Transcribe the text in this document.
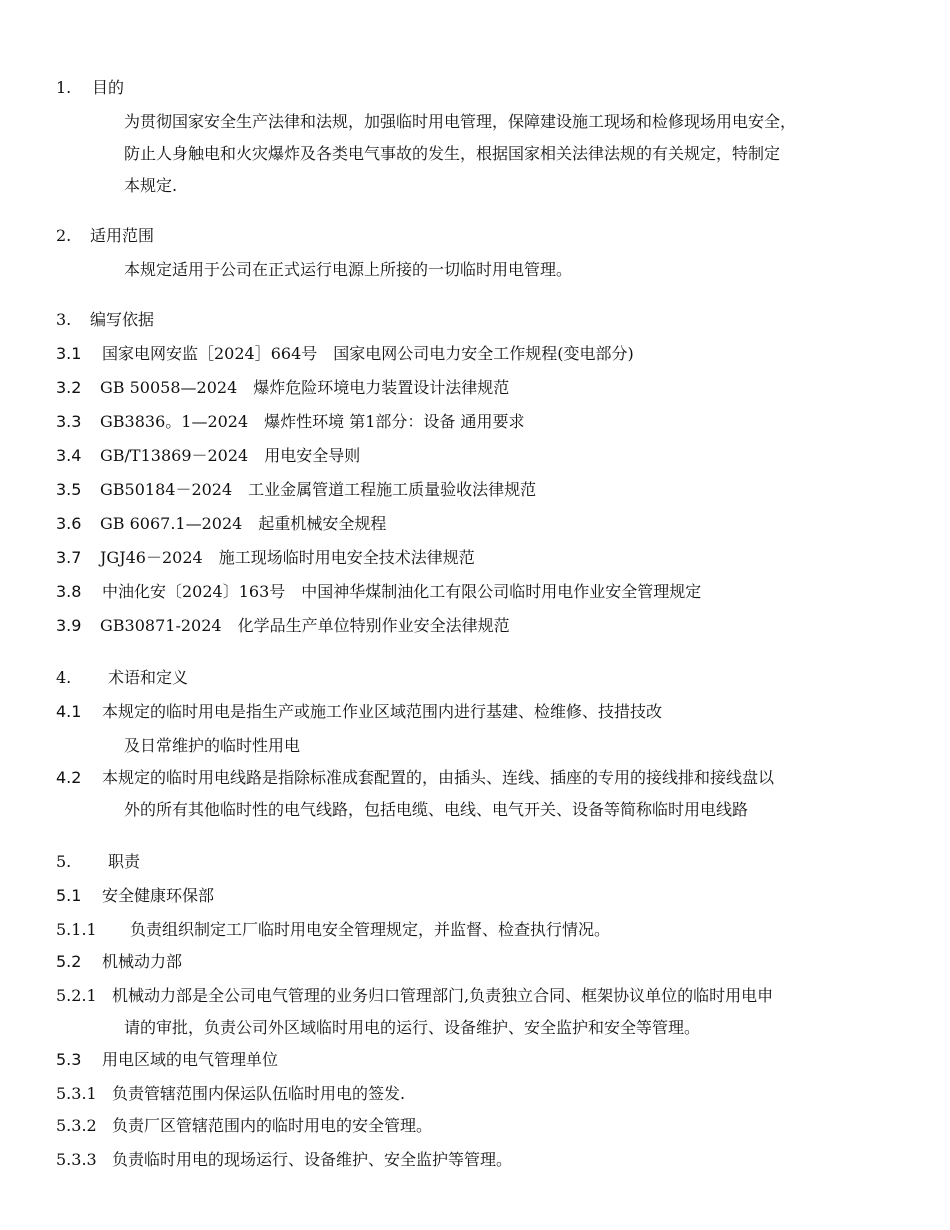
1. 目的
为贯彻国家安全生产法律和法规，加强临时用电管理，保障建设施工现场和检修现场用电安全，
防止人身触电和火灾爆炸及各类电气事故的发生，根据国家相关法律法规的有关规定，特制定
本规定.
2. 适用范围
本规定适用于公司在正式运行电源上所接的一切临时用电管理。
3. 编写依据
3.1 国家电网安监［2024］664号　国家电网公司电力安全工作规程(变电部分)
3.2 GB 50058—2024　爆炸危险环境电力装置设计法律规范
3.3 GB3836。1—2024　爆炸性环境 第1部分：设备 通用要求
3.4 GB/T13869－2024　用电安全导则
3.5 GB50184－2024　工业金属管道工程施工质量验收法律规范
3.6 GB 6067.1—2024　起重机械安全规程
3.7 JGJ46－2024　施工现场临时用电安全技术法律规范
3.8 中油化安〔2024〕163号　中国神华煤制油化工有限公司临时用电作业安全管理规定
3.9 GB30871-2024　化学品生产单位特别作业安全法律规范
4. 术语和定义
4.1 本规定的临时用电是指生产或施工作业区域范围内进行基建、检维修、技措技改
及日常维护的临时性用电
4.2 本规定的临时用电线路是指除标准成套配置的，由插头、连线、插座的专用的接线排和接线盘以
外的所有其他临时性的电气线路，包括电缆、电线、电气开关、设备等简称临时用电线路
5. 职责
5.1 安全健康环保部
5.1.1 负责组织制定工厂临时用电安全管理规定，并监督、检查执行情况。
5.2 机械动力部
5.2.1 机械动力部是全公司电气管理的业务归口管理部门,负责独立合同、框架协议单位的临时用电申
请的审批，负责公司外区域临时用电的运行、设备维护、安全监护和安全等管理。
5.3 用电区域的电气管理单位
5.3.1 负责管辖范围内保运队伍临时用电的签发.
5.3.2 负责厂区管辖范围内的临时用电的安全管理。
5.3.3 负责临时用电的现场运行、设备维护、安全监护等管理。
